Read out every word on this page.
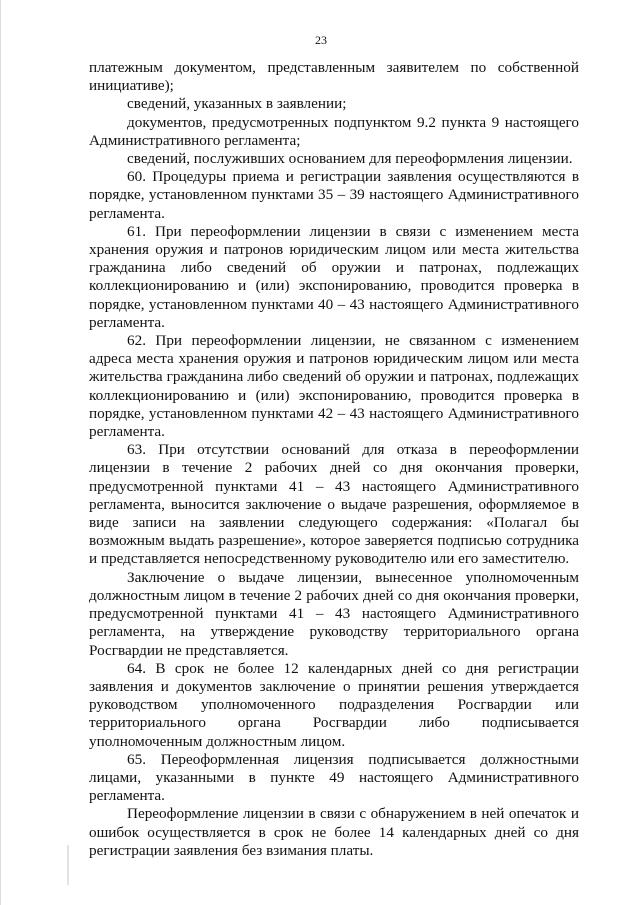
23

платежным документом, представленным заявителем по собственной инициативе);

сведений, указанных в заявлении;

документов, предусмотренных подпунктом 9.2 пункта 9 настоящего Административного регламента;

сведений, послуживших основанием для переоформления лицензии.

60. Процедуры приема и регистрации заявления осуществляются в порядке, установленном пунктами 35 – 39 настоящего Административного регламента.

61. При переоформлении лицензии в связи с изменением места хранения оружия и патронов юридическим лицом или места жительства гражданина либо сведений об оружии и патронах, подлежащих коллекционированию и (или) экспонированию, проводится проверка в порядке, установленном пунктами 40 – 43 настоящего Административного регламента.

62. При переоформлении лицензии, не связанном с изменением адреса места хранения оружия и патронов юридическим лицом или места жительства гражданина либо сведений об оружии и патронах, подлежащих коллекционированию и (или) экспонированию, проводится проверка в порядке, установленном пунктами 42 – 43 настоящего Административного регламента.

63. При отсутствии оснований для отказа в переоформлении лицензии в течение 2 рабочих дней со дня окончания проверки, предусмотренной пунктами 41 – 43 настоящего Административного регламента, выносится заключение о выдаче разрешения, оформляемое в виде записи на заявлении следующего содержания: «Полагал бы возможным выдать разрешение», которое заверяется подписью сотрудника и представляется непосредственному руководителю или его заместителю.

Заключение о выдаче лицензии, вынесенное уполномоченным должностным лицом в течение 2 рабочих дней со дня окончания проверки, предусмотренной пунктами 41 – 43 настоящего Административного регламента, на утверждение руководству территориального органа Росгвардии не представляется.

64. В срок не более 12 календарных дней со дня регистрации заявления и документов заключение о принятии решения утверждается руководством уполномоченного подразделения Росгвардии или территориального органа Росгвардии либо подписывается уполномоченным должностным лицом.

65. Переоформленная лицензия подписывается должностными лицами, указанными в пункте 49 настоящего Административного регламента.

Переоформление лицензии в связи с обнаружением в ней опечаток и ошибок осуществляется в срок не более 14 календарных дней со дня регистрации заявления без взимания платы.
